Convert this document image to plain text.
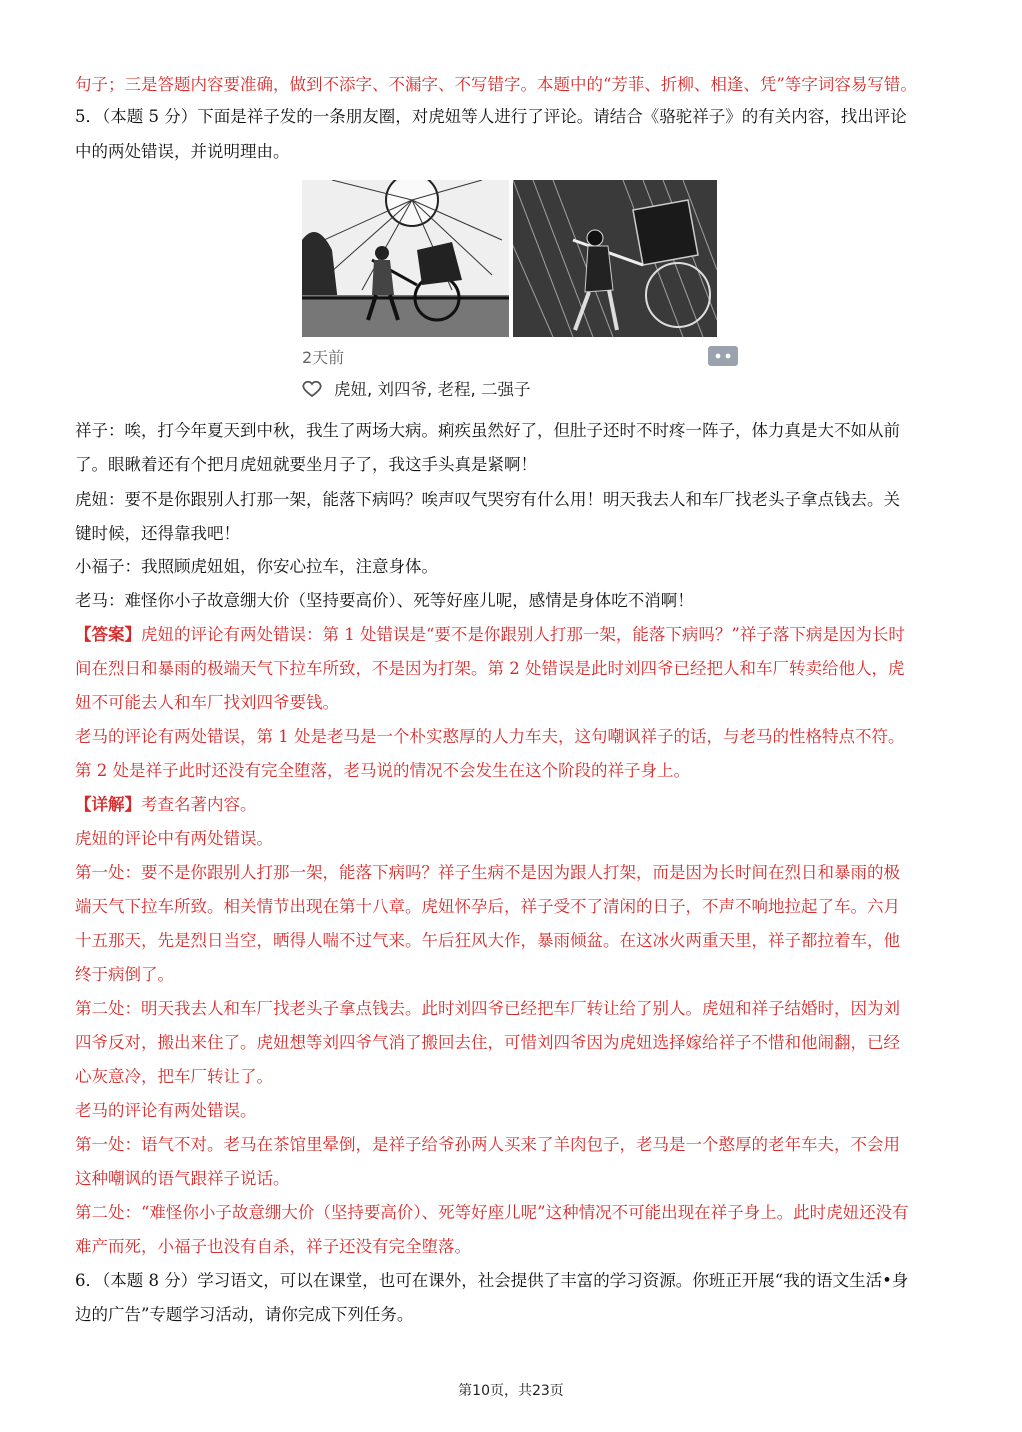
句子；三是答题内容要准确，做到不添字、不漏字、不写错字。本题中的“芳菲、折柳、相逢、凭”等字词容易写错。
5．（本题 5 分）下面是祥子发的一条朋友圈，对虎妞等人进行了评论。请结合《骆驼祥子》的有关内容，找出评论
中的两处错误，并说明理由。
2天前
虎妞, 刘四爷, 老程, 二强子
祥子：唉，打今年夏天到中秋，我生了两场大病。痢疾虽然好了，但肚子还时不时疼一阵子，体力真是大不如从前
了。眼瞅着还有个把月虎妞就要坐月子了，我这手头真是紧啊！
虎妞：要不是你跟别人打那一架，能落下病吗？唉声叹气哭穷有什么用！明天我去人和车厂找老头子拿点钱去。关
键时候，还得靠我吧！
小福子：我照顾虎妞姐，你安心拉车，注意身体。
老马：难怪你小子故意绷大价（坚持要高价）、死等好座儿呢，感情是身体吃不消啊！
【答案】虎妞的评论有两处错误：第 1 处错误是“要不是你跟别人打那一架，能落下病吗？”祥子落下病是因为长时
间在烈日和暴雨的极端天气下拉车所致，不是因为打架。第 2 处错误是此时刘四爷已经把人和车厂转卖给他人，虎
妞不可能去人和车厂找刘四爷要钱。
老马的评论有两处错误，第 1 处是老马是一个朴实憨厚的人力车夫，这句嘲讽祥子的话，与老马的性格特点不符。
第 2 处是祥子此时还没有完全堕落，老马说的情况不会发生在这个阶段的祥子身上。
【详解】考查名著内容。
虎妞的评论中有两处错误。
第一处：要不是你跟别人打那一架，能落下病吗？祥子生病不是因为跟人打架，而是因为长时间在烈日和暴雨的极
端天气下拉车所致。相关情节出现在第十八章。虎妞怀孕后，祥子受不了清闲的日子，不声不响地拉起了车。六月
十五那天，先是烈日当空，晒得人喘不过气来。午后狂风大作，暴雨倾盆。在这冰火两重天里，祥子都拉着车，他
终于病倒了。
第二处：明天我去人和车厂找老头子拿点钱去。此时刘四爷已经把车厂转让给了别人。虎妞和祥子结婚时，因为刘
四爷反对，搬出来住了。虎妞想等刘四爷气消了搬回去住，可惜刘四爷因为虎妞选择嫁给祥子不惜和他闹翻，已经
心灰意冷，把车厂转让了。
老马的评论有两处错误。
第一处：语气不对。老马在茶馆里晕倒，是祥子给爷孙两人买来了羊肉包子，老马是一个憨厚的老年车夫，不会用
这种嘲讽的语气跟祥子说话。
第二处：“难怪你小子故意绷大价（坚持要高价）、死等好座儿呢”这种情况不可能出现在祥子身上。此时虎妞还没有
难产而死，小福子也没有自杀，祥子还没有完全堕落。
6．（本题 8 分）学习语文，可以在课堂，也可在课外，社会提供了丰富的学习资源。你班正开展“我的语文生活•身
边的广告”专题学习活动，请你完成下列任务。
第10页，共23页
